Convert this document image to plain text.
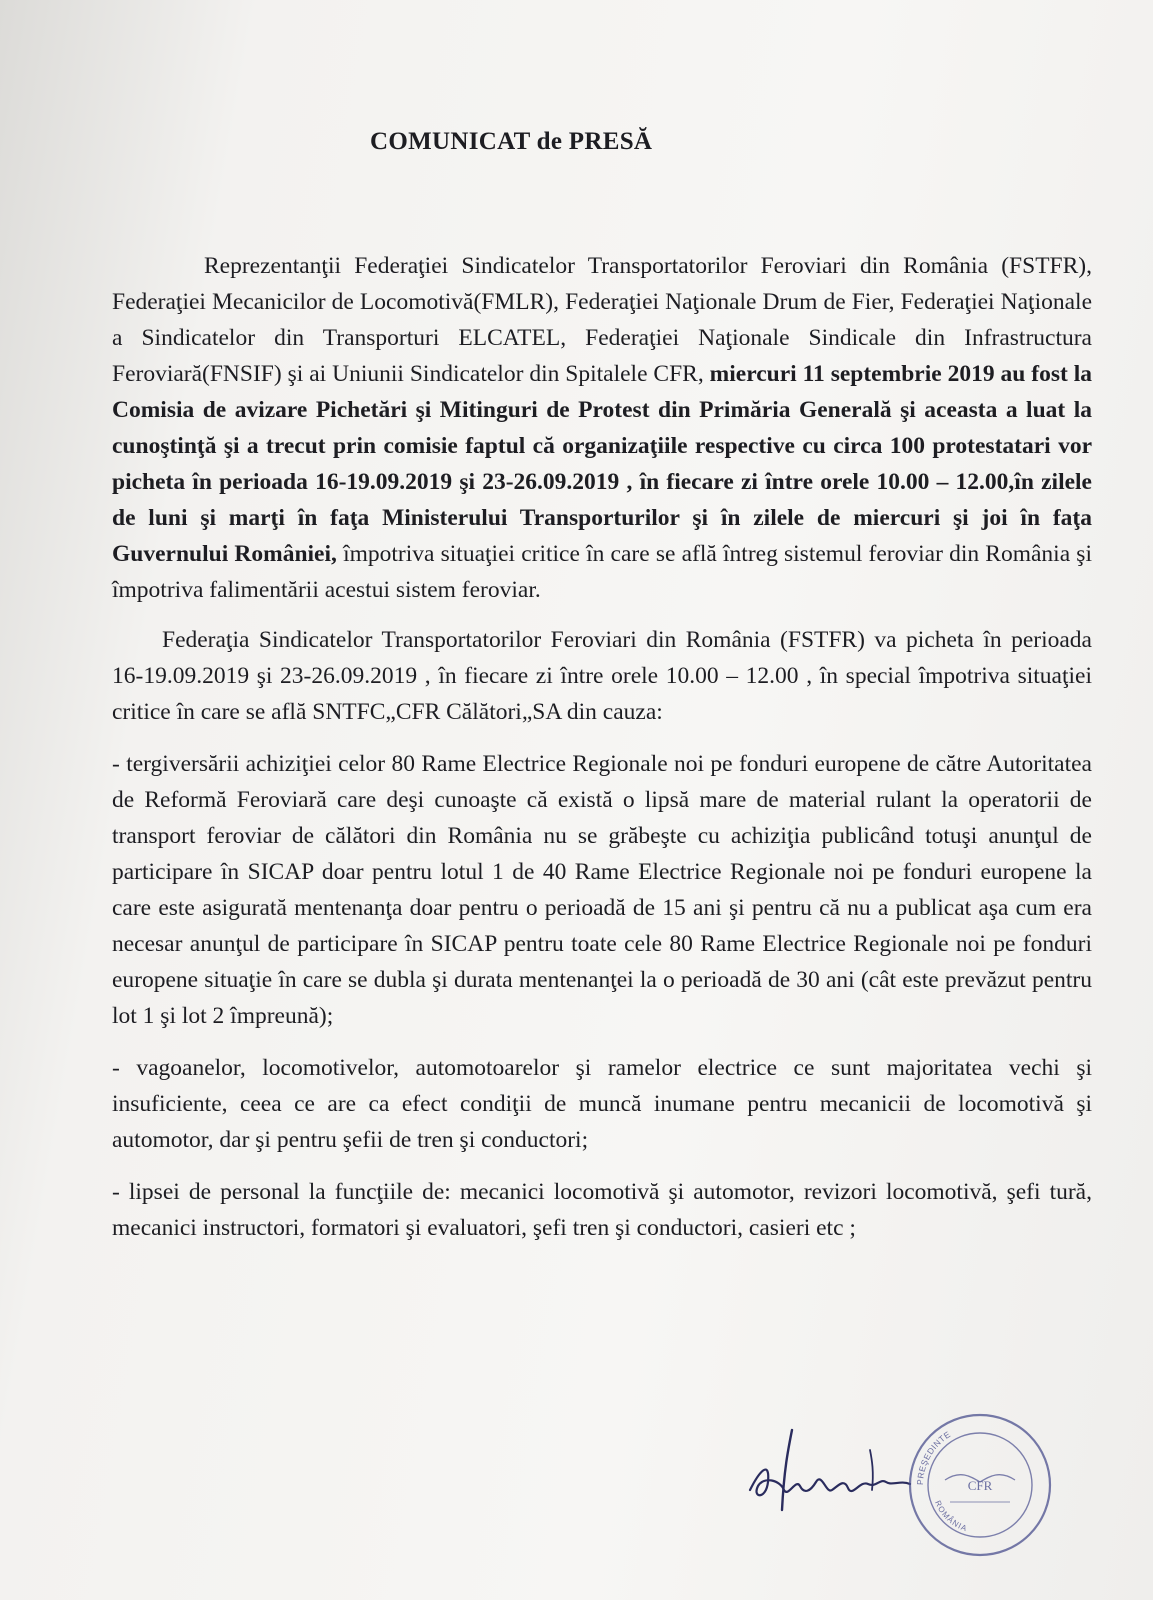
COMUNICAT de PRESĂ

Reprezentanţii Federaţiei Sindicatelor Transportatorilor Feroviari din România (FSTFR), Federaţiei Mecanicilor de Locomotivă(FMLR), Federaţiei Naţionale Drum de Fier, Federaţiei Naţionale a Sindicatelor din Transporturi ELCATEL, Federaţiei Naţionale Sindicale din Infrastructura Feroviară(FNSIF) şi ai Uniunii Sindicatelor din Spitalele CFR, miercuri 11 septembrie 2019 au fost la Comisia de avizare Pichetări şi Mitinguri de Protest din Primăria Generală şi aceasta a luat la cunoştinţă şi a trecut prin comisie faptul că organizaţiile respective cu circa 100 protestatari vor picheta în perioada 16-19.09.2019 şi 23-26.09.2019 , în fiecare zi între orele 10.00 – 12.00,în zilele de luni şi marţi în faţa Ministerului Transporturilor şi în zilele de miercuri şi joi în faţa Guvernului României, împotriva situaţiei critice în care se află întreg sistemul feroviar din România şi împotriva falimentării acestui sistem feroviar.

Federaţia Sindicatelor Transportatorilor Feroviari din România (FSTFR) va picheta în perioada 16-19.09.2019 şi 23-26.09.2019 , în fiecare zi între orele 10.00 – 12.00 , în special împotriva situaţiei critice în care se află SNTFC„CFR Călători„SA din cauza:

- tergiversării achiziţiei celor 80 Rame Electrice Regionale noi pe fonduri europene de către Autoritatea de Reformă Feroviară care deşi cunoaşte că există o lipsă mare de material rulant la operatorii de transport feroviar de călători din România nu se grăbeşte cu achiziţia publicând totuşi anunţul de participare în SICAP doar pentru lotul 1 de 40 Rame Electrice Regionale noi pe fonduri europene la care este asigurată mentenanţa doar pentru o perioadă de 15 ani şi pentru că nu a publicat aşa cum era necesar anunţul de participare în SICAP pentru toate cele 80 Rame Electrice Regionale noi pe fonduri europene situaţie în care se dubla şi durata mentenanţei la o perioadă de 30 ani (cât este prevăzut pentru lot 1 şi lot 2 împreună);

- vagoanelor, locomotivelor, automotoarelor şi ramelor electrice ce sunt majoritatea vechi şi insuficiente, ceea ce are ca efect condiţii de muncă inumane pentru mecanicii de locomotivă şi automotor, dar şi pentru şefii de tren şi conductori;

- lipsei de personal la funcţiile de: mecanici locomotivă şi automotor, revizori locomotivă, şefi tură, mecanici instructori, formatori şi evaluatori, şefi tren şi conductori, casieri etc ;

PREŞEDINTE
ROMÂNIA
CFR
